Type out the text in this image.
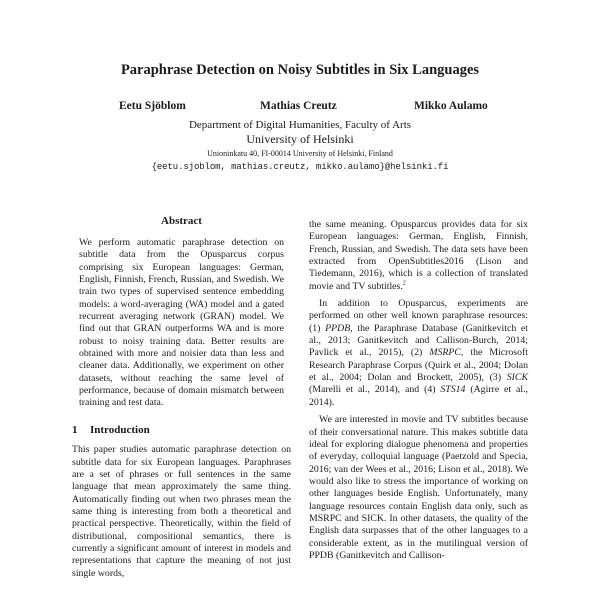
Paraphrase Detection on Noisy Subtitles in Six Languages
Eetu Sjöblom	Mathias Creutz	Mikko Aulamo
Department of Digital Humanities, Faculty of Arts
University of Helsinki
Unioninkatu 40, FI-00014 University of Helsinki, Finland
{eetu.sjoblom, mathias.creutz, mikko.aulamo}@helsinki.fi
Abstract

We perform automatic paraphrase detection on subtitle data from the Opusparcus corpus comprising six European languages: German, English, Finnish, French, Russian, and Swedish. We train two types of supervised sentence embedding models: a word-averaging (WA) model and a gated recurrent averaging network (GRAN) model. We find out that GRAN outperforms WA and is more robust to noisy training data. Better results are obtained with more and noisier data than less and cleaner data. Additionally, we experiment on other datasets, without reaching the same level of performance, because of domain mismatch between training and test data.

1 Introduction

This paper studies automatic paraphrase detection on subtitle data for six European languages. Paraphrases are a set of phrases or full sentences in the same language that mean approximately the same thing. Automatically finding out when two phrases mean the same thing is interesting from both a theoretical and practical perspective. Theoretically, within the field of distributional, compositional semantics, there is currently a significant amount of interest in models and representations that capture the meaning of not just single words,

the same meaning. Opusparcus provides data for six European languages: German, English, Finnish, French, Russian, and Swedish. The data sets have been extracted from OpenSubtitles2016 (Lison and Tiedemann, 2016), which is a collection of translated movie and TV subtitles.$^2$

In addition to Opusparcus, experiments are performed on other well known paraphrase resources: (1) PPDB, the Paraphrase Database (Ganitkevitch et al., 2013; Ganitkevitch and Callison-Burch, 2014; Pavlick et al., 2015), (2) MSRPC, the Microsoft Research Paraphrase Corpus (Quirk et al., 2004; Dolan et al., 2004; Dolan and Brockett, 2005), (3) SICK (Marelli et al., 2014), and (4) STS14 (Agirre et al., 2014).

We are interested in movie and TV subtitles because of their conversational nature. This makes subtitle data ideal for exploring dialogue phenomena and properties of everyday, colloquial language (Paetzold and Specia, 2016; van der Wees et al., 2016; Lison et al., 2018). We would also like to stress the importance of working on other languages beside English. Unfortunately, many language resources contain English data only, such as MSRPC and SICK. In other datasets, the quality of the English data surpasses that of the other languages to a considerable extent, as in the mutilingual version of PPDB (Ganitkevitch and Callison-
